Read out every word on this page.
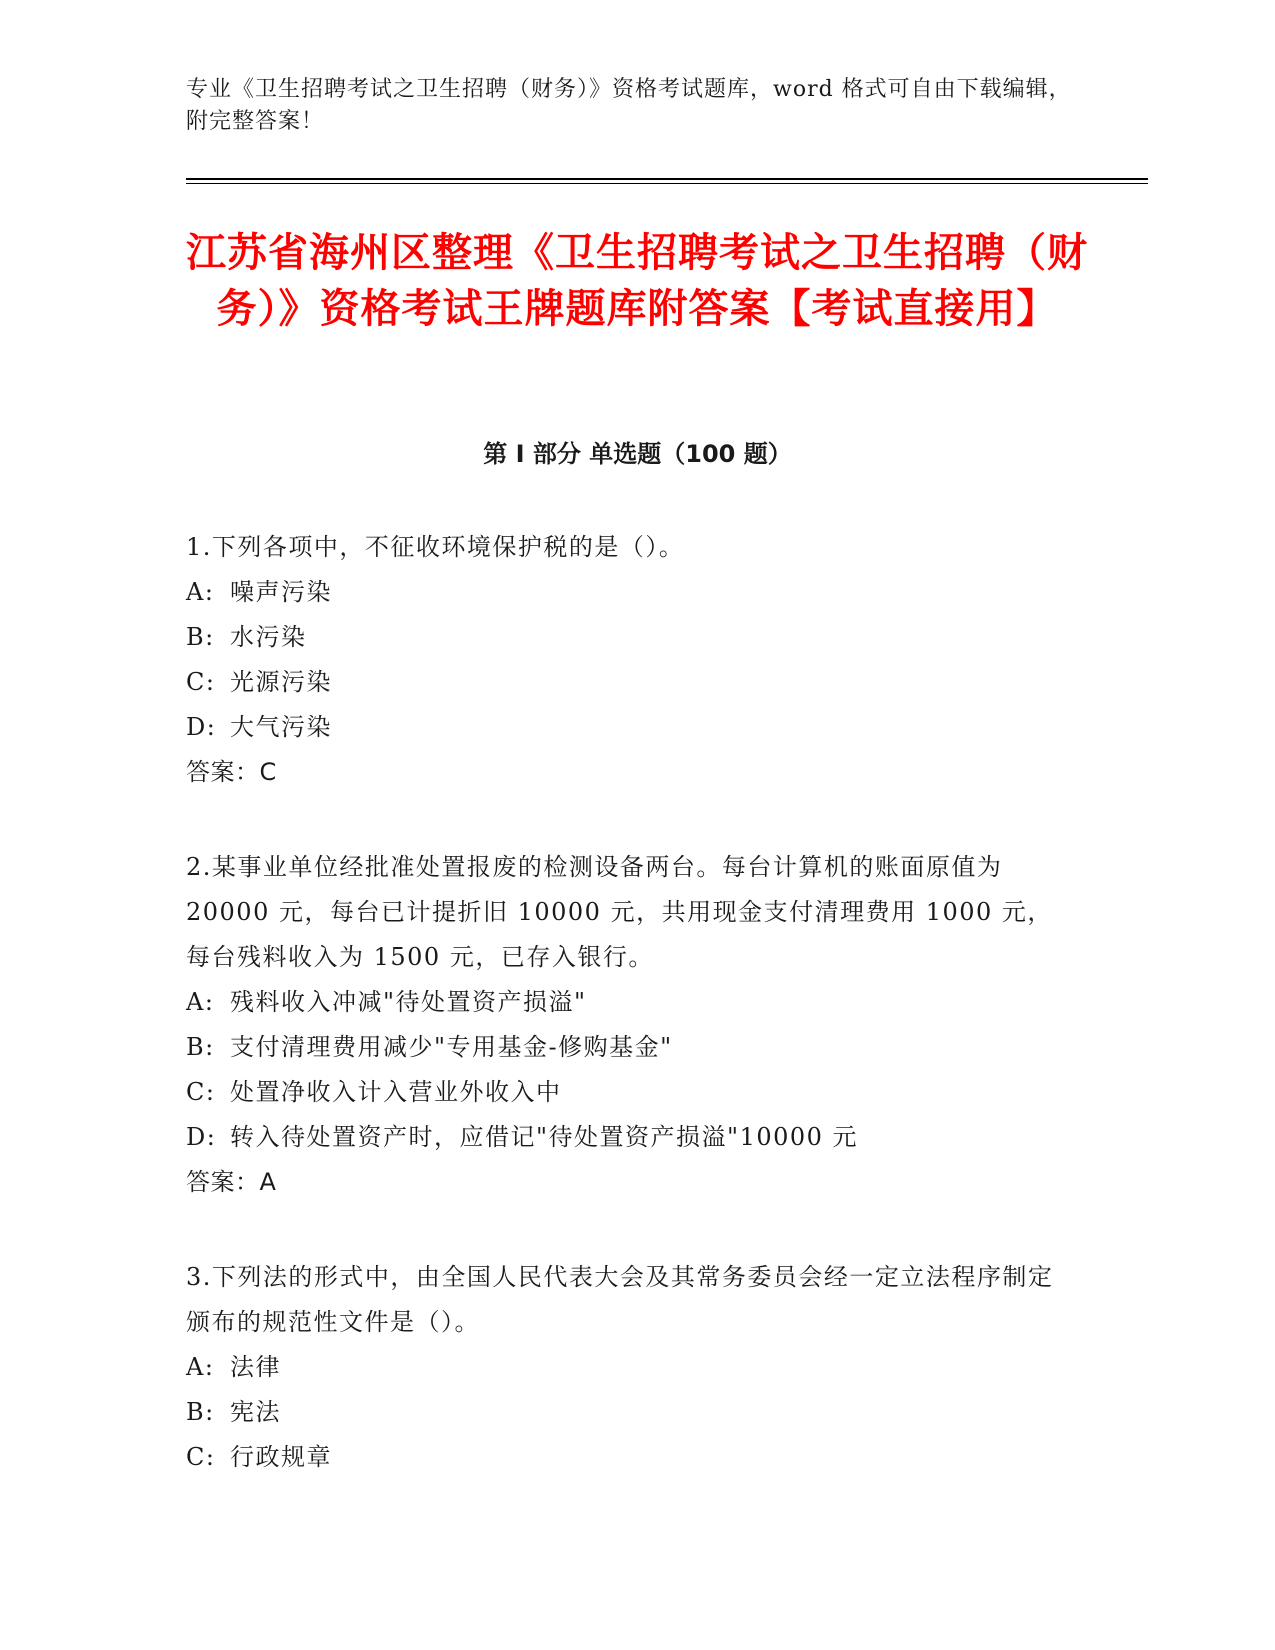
专业《卫生招聘考试之卫生招聘（财务）》资格考试题库，word 格式可自由下载编辑，附完整答案！
江苏省海州区整理《卫生招聘考试之卫生招聘（财务）》资格考试王牌题库附答案【考试直接用】
第 I 部分 单选题（100 题）

1.下列各项中，不征收环境保护税的是（）。

A: 噪声污染

B: 水污染

C: 光源污染

D: 大气污染

答案：C

2.某事业单位经批准处置报废的检测设备两台。每台计算机的账面原值为 20000 元，每台已计提折旧 10000 元，共用现金支付清理费用 1000 元，每台残料收入为 1500 元，已存入银行。

A: 残料收入冲减"待处置资产损溢"

B: 支付清理费用减少"专用基金-修购基金"

C: 处置净收入计入营业外收入中

D: 转入待处置资产时，应借记"待处置资产损溢"10000 元

答案：A

3.下列法的形式中，由全国人民代表大会及其常务委员会经一定立法程序制定颁布的规范性文件是（）。

A: 法律

B: 宪法

C: 行政规章
